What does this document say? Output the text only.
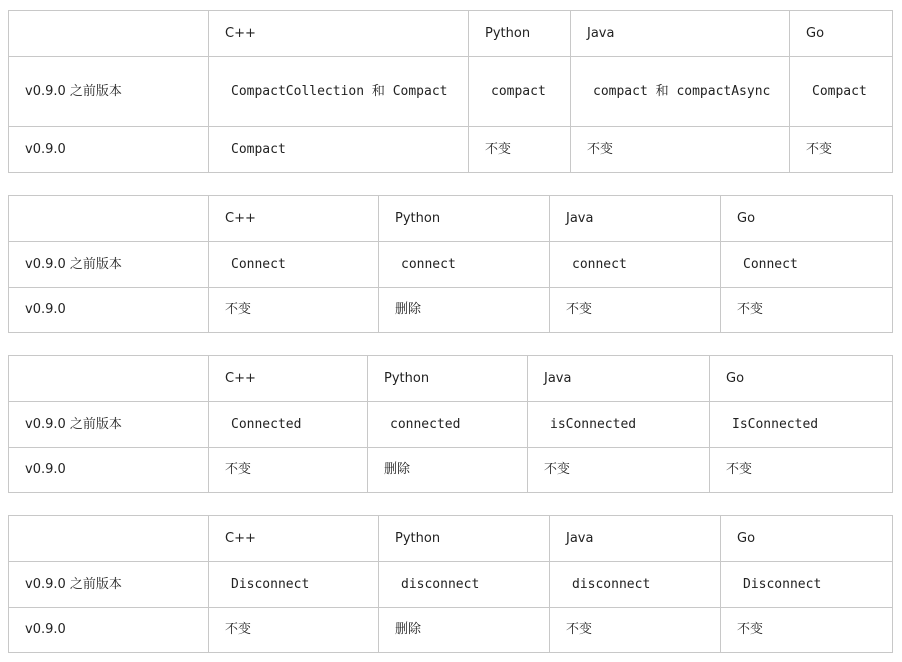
	C++	Python	Java	Go
v0.9.0 之前版本	CompactCollection 和 Compact	compact	compact 和 compactAsync	Compact
v0.9.0	Compact	不变	不变	不变
	C++	Python	Java	Go
v0.9.0 之前版本	Connect	connect	connect	Connect
v0.9.0	不变	删除	不变	不变
	C++	Python	Java	Go
v0.9.0 之前版本	Connected	connected	isConnected	IsConnected
v0.9.0	不变	删除	不变	不变
	C++	Python	Java	Go
v0.9.0 之前版本	Disconnect	disconnect	disconnect	Disconnect
v0.9.0	不变	删除	不变	不变
